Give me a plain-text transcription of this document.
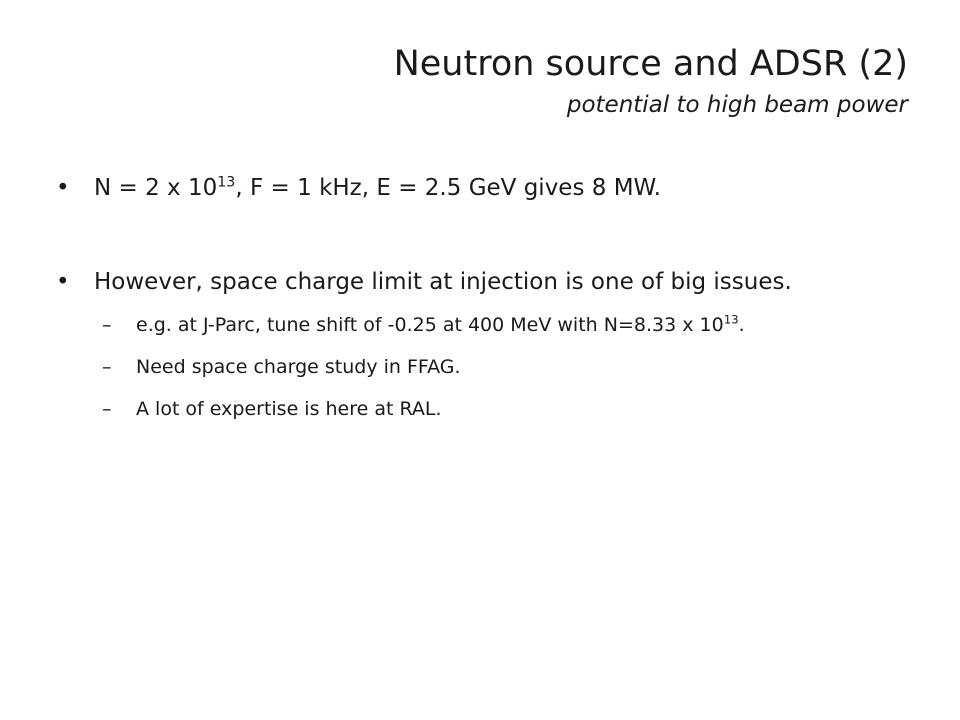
Neutron source and ADSR (2)
potential to high beam power
• N = 2 x $10^{13}$, F = 1 kHz, E = 2.5 GeV gives 8 MW.
• However, space charge limit at injection is one of big issues.
– e.g. at J-Parc, tune shift of -0.25 at 400 MeV with N=8.33 x $10^{13}$.
– Need space charge study in FFAG.
– A lot of expertise is here at RAL.
